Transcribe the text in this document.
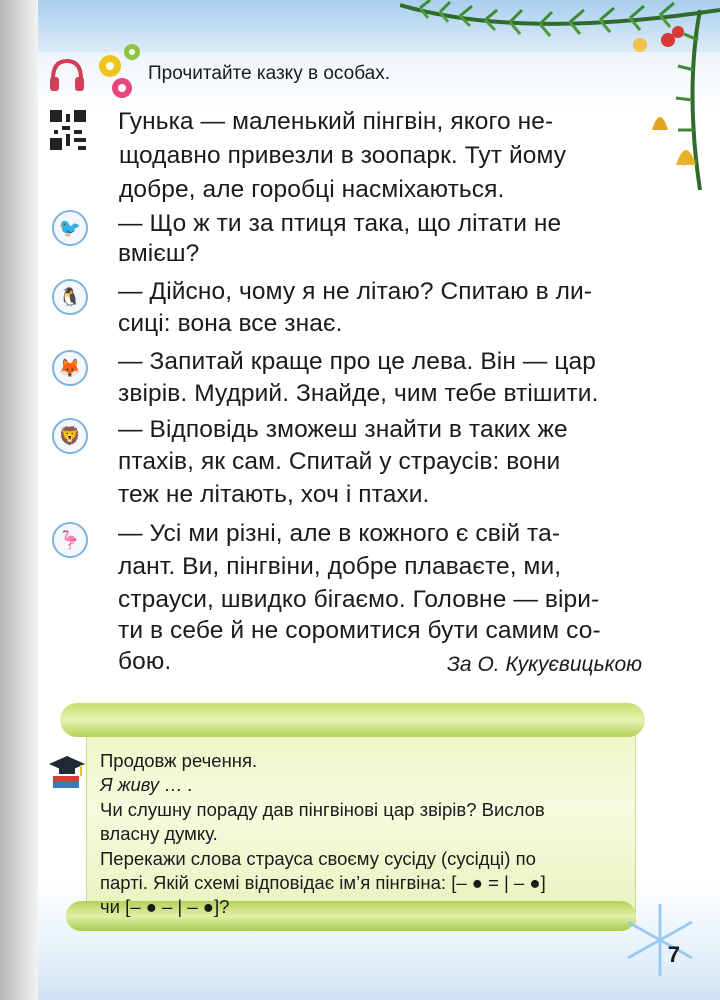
Прочитайте казку в особах.
Гунька — маленький пінгвін, якого не-
щодавно привезли в зоопарк. Тут йому
добре, але горобці насміхаються.
🐦 — Що ж ти за птиця така, що літати не
вмієш?
🐧 — Дійсно, чому я не літаю? Спитаю в ли-
сиці: вона все знає.
🦊 — Запитай краще про це лева. Він — цар
звірів. Мудрий. Знайде, чим тебе втішити.
🦁 — Відповідь зможеш знайти в таких же
птахів, як сам. Спитай у страусів: вони
теж не літають, хоч і птахи.
🦩 — Усі ми різні, але в кожного є свій та-
лант. Ви, пінгвіни, добре плаваєте, ми,
страуси, швидко бігаємо. Головне — віри-
ти в себе й не соромитися бути самим со-
бою.	За О. Кукуєвицькою
Продовж речення.
Я живу … .
Чи слушну пораду дав пінгвінові цар звірів? Вислов
власну думку.
Перекажи слова страуса своєму сусіду (сусідці) по
парті. Якій схемі відповідає ім’я пінгвіна: [– ● = | – ●]
чи [– ● – | – ●]?
7
